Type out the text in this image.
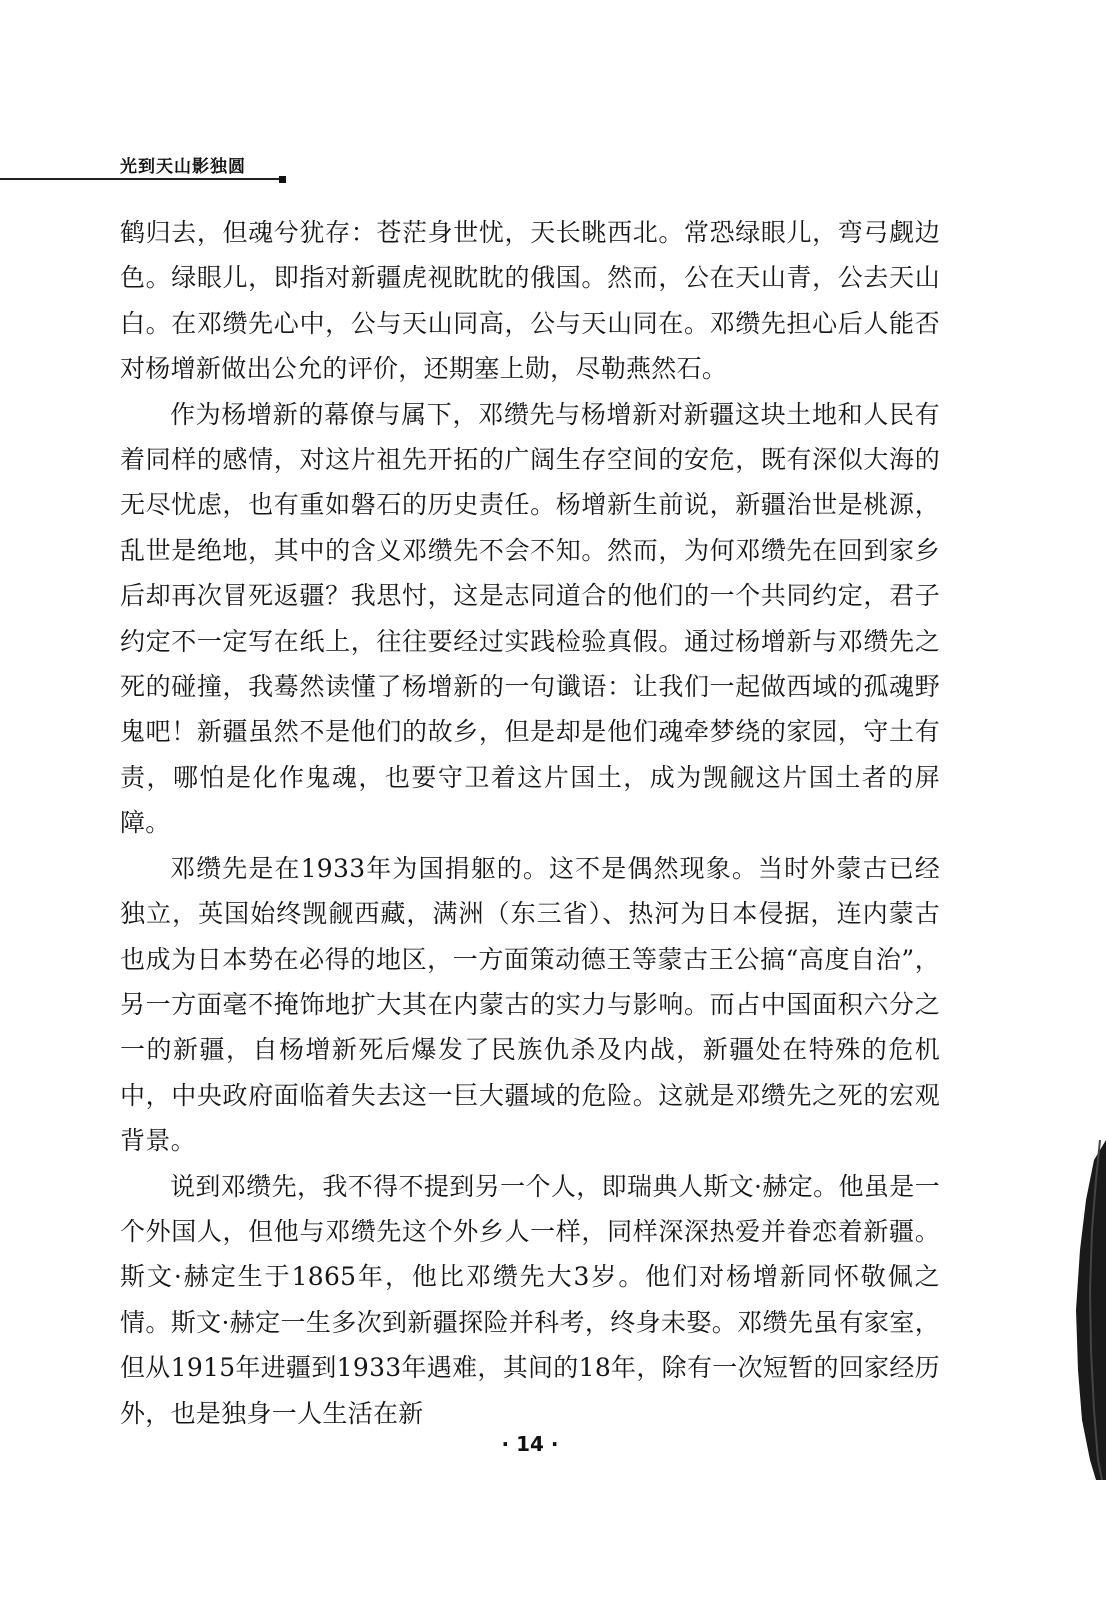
光到天山影独圆

鹤归去，但魂兮犹存：苍茫身世忧，天长眺西北。常恐绿眼儿，弯弓觑边色。绿眼儿，即指对新疆虎视眈眈的俄国。然而，公在天山青，公去天山白。在邓缵先心中，公与天山同高，公与天山同在。邓缵先担心后人能否对杨增新做出公允的评价，还期塞上勋，尽勒燕然石。

作为杨增新的幕僚与属下，邓缵先与杨增新对新疆这块土地和人民有着同样的感情，对这片祖先开拓的广阔生存空间的安危，既有深似大海的无尽忧虑，也有重如磐石的历史责任。杨增新生前说，新疆治世是桃源，乱世是绝地，其中的含义邓缵先不会不知。然而，为何邓缵先在回到家乡后却再次冒死返疆？我思忖，这是志同道合的他们的一个共同约定，君子约定不一定写在纸上，往往要经过实践检验真假。通过杨增新与邓缵先之死的碰撞，我蓦然读懂了杨增新的一句谶语：让我们一起做西域的孤魂野鬼吧！新疆虽然不是他们的故乡，但是却是他们魂牵梦绕的家园，守土有责，哪怕是化作鬼魂，也要守卫着这片国土，成为觊觎这片国土者的屏障。

邓缵先是在1933年为国捐躯的。这不是偶然现象。当时外蒙古已经独立，英国始终觊觎西藏，满洲（东三省）、热河为日本侵据，连内蒙古也成为日本势在必得的地区，一方面策动德王等蒙古王公搞“高度自治”，另一方面毫不掩饰地扩大其在内蒙古的实力与影响。而占中国面积六分之一的新疆，自杨增新死后爆发了民族仇杀及内战，新疆处在特殊的危机中，中央政府面临着失去这一巨大疆域的危险。这就是邓缵先之死的宏观背景。

说到邓缵先，我不得不提到另一个人，即瑞典人斯文·赫定。他虽是一个外国人，但他与邓缵先这个外乡人一样，同样深深热爱并眷恋着新疆。斯文·赫定生于1865年，他比邓缵先大3岁。他们对杨增新同怀敬佩之情。斯文·赫定一生多次到新疆探险并科考，终身未娶。邓缵先虽有家室，但从1915年进疆到1933年遇难，其间的18年，除有一次短暂的回家经历外，也是独身一人生活在新

· 14 ·
